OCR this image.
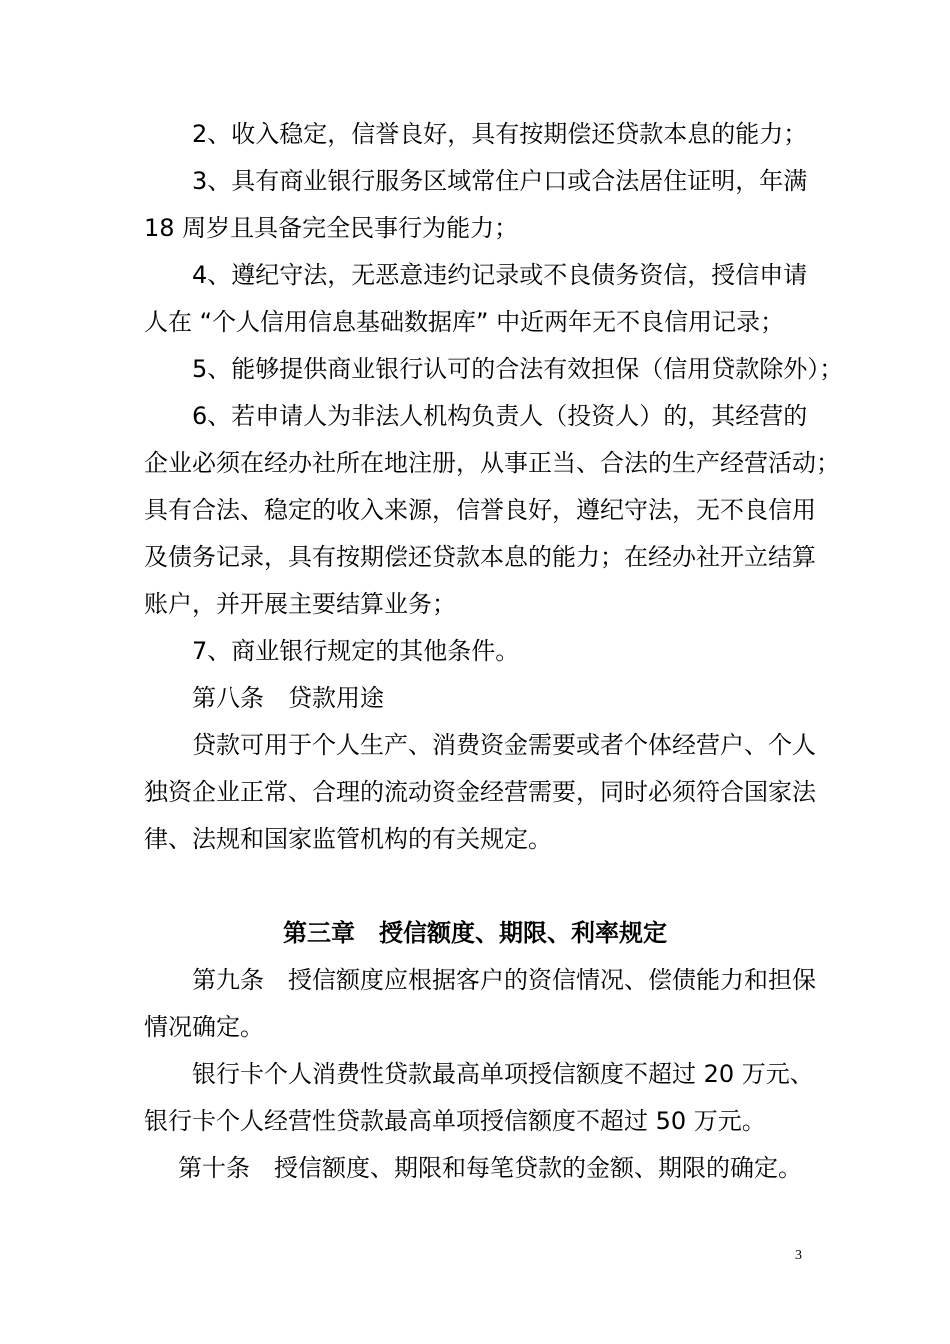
2、收入稳定，信誉良好，具有按期偿还贷款本息的能力；
3、具有商业银行服务区域常住户口或合法居住证明，年满
18 周岁且具备完全民事行为能力；
4、遵纪守法，无恶意违约记录或不良债务资信，授信申请
人在 “个人信用信息基础数据库” 中近两年无不良信用记录；
5、能够提供商业银行认可的合法有效担保（信用贷款除外）；
6、若申请人为非法人机构负责人（投资人）的，其经营的
企业必须在经办社所在地注册，从事正当、合法的生产经营活动；
具有合法、稳定的收入来源，信誉良好，遵纪守法，无不良信用
及债务记录，具有按期偿还贷款本息的能力；在经办社开立结算
账户，并开展主要结算业务；
7、商业银行规定的其他条件。
第八条　贷款用途
贷款可用于个人生产、消费资金需要或者个体经营户、个人
独资企业正常、合理的流动资金经营需要，同时必须符合国家法
律、法规和国家监管机构的有关规定。
第三章　授信额度、期限、利率规定
第九条　授信额度应根据客户的资信情况、偿债能力和担保
情况确定。
银行卡个人消费性贷款最高单项授信额度不超过 20 万元、
银行卡个人经营性贷款最高单项授信额度不超过 50 万元。
第十条　授信额度、期限和每笔贷款的金额、期限的确定。
3
